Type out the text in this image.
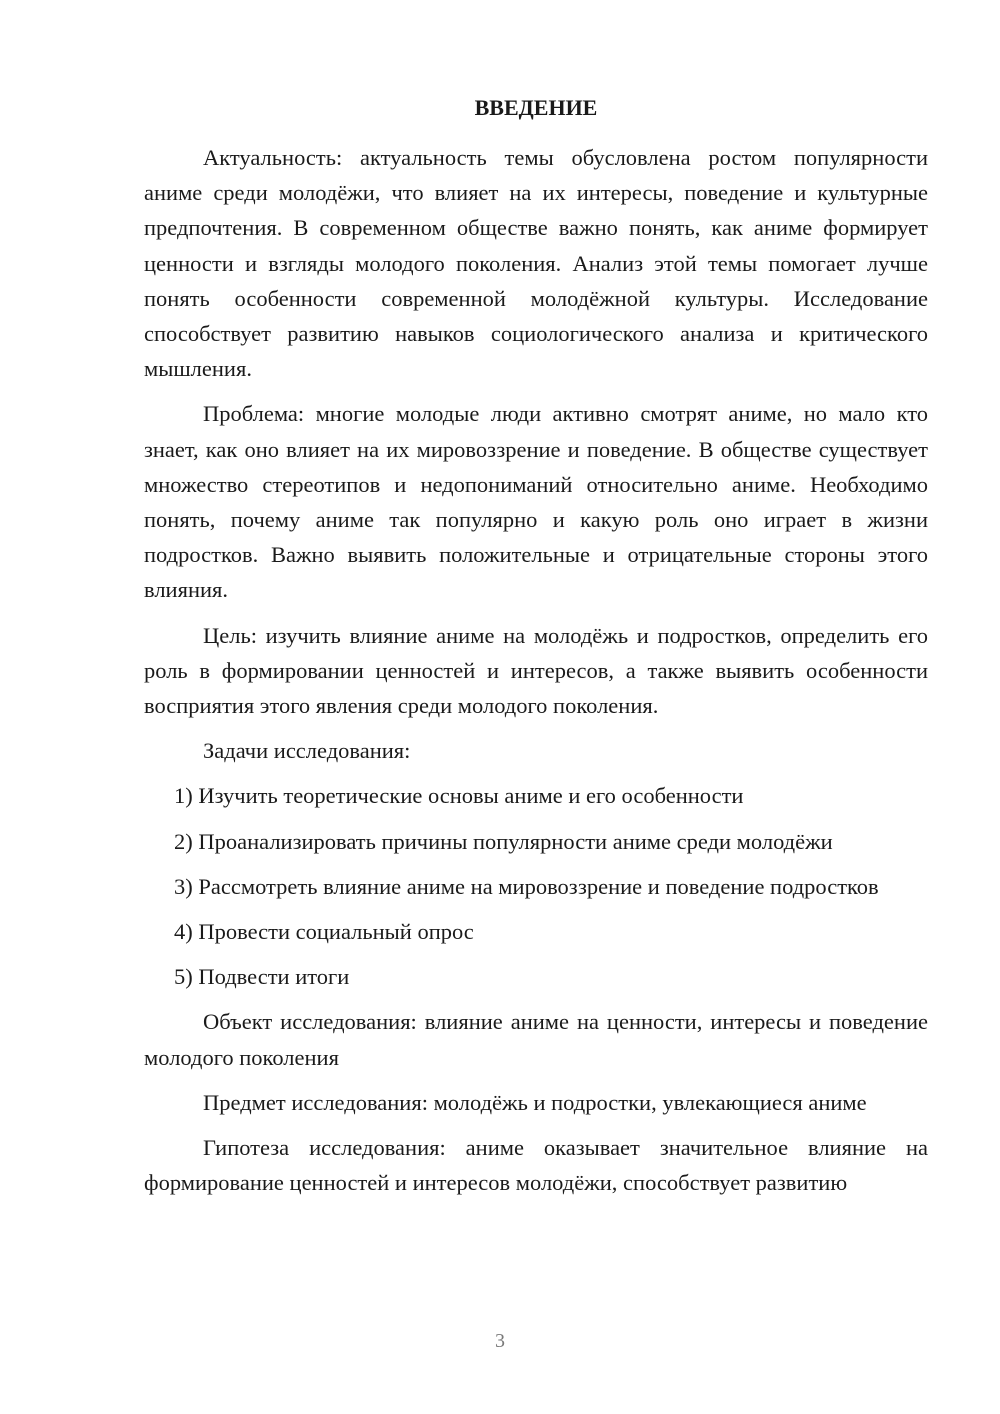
ВВЕДЕНИЕ

Актуальность: актуальность темы обусловлена ростом популярности аниме среди молодёжи, что влияет на их интересы, поведение и культурные предпочтения. В современном обществе важно понять, как аниме формирует ценности и взгляды молодого поколения. Анализ этой темы помогает лучше понять особенности современной молодёжной культуры. Исследование способствует развитию навыков социологического анализа и критического мышления.

Проблема: многие молодые люди активно смотрят аниме, но мало кто знает, как оно влияет на их мировоззрение и поведение. В обществе существует множество стереотипов и недопониманий относительно аниме. Необходимо понять, почему аниме так популярно и какую роль оно играет в жизни подростков. Важно выявить положительные и отрицательные стороны этого влияния.

Цель: изучить влияние аниме на молодёжь и подростков, определить его роль в формировании ценностей и интересов, а также выявить особенности восприятия этого явления среди молодого поколения.

Задачи исследования:

1) Изучить теоретические основы аниме и его особенности

2) Проанализировать причины популярности аниме среди молодёжи

3) Рассмотреть влияние аниме на мировоззрение и поведение подростков

4) Провести социальный опрос

5) Подвести итоги

Объект исследования: влияние аниме на ценности, интересы и поведение молодого поколения

Предмет исследования: молодёжь и подростки, увлекающиеся аниме

Гипотеза исследования: аниме оказывает значительное влияние на формирование ценностей и интересов молодёжи, способствует развитию

3
